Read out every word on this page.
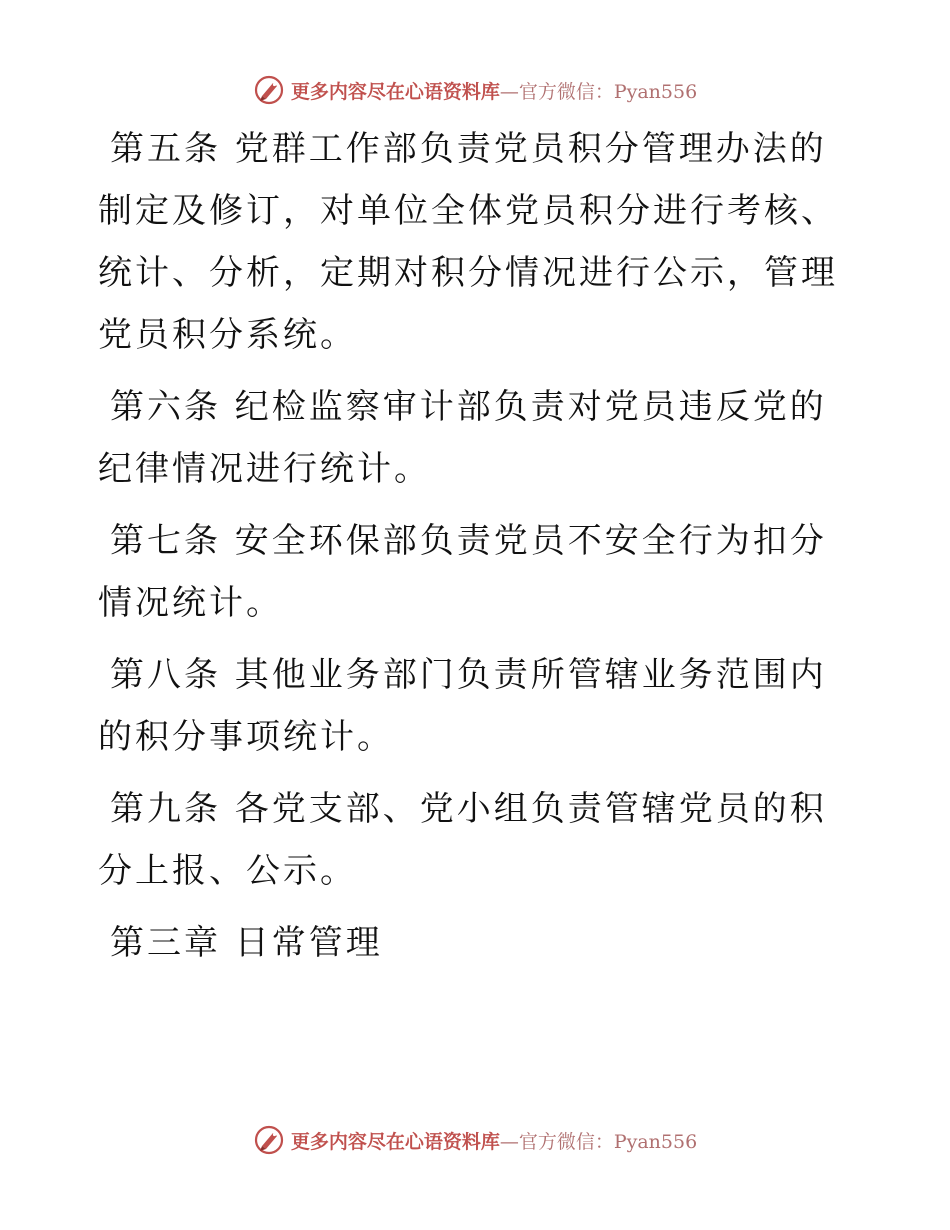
更多内容尽在心语资料库—官方微信：Pyan556

第五条 党群工作部负责党员积分管理办法的制定及修订，对单位全体党员积分进行考核、统计、分析，定期对积分情况进行公示，管理党员积分系统。

第六条 纪检监察审计部负责对党员违反党的纪律情况进行统计。

第七条 安全环保部负责党员不安全行为扣分情况统计。

第八条 其他业务部门负责所管辖业务范围内的积分事项统计。

第九条 各党支部、党小组负责管辖党员的积分上报、公示。

第三章 日常管理

更多内容尽在心语资料库—官方微信：Pyan556
